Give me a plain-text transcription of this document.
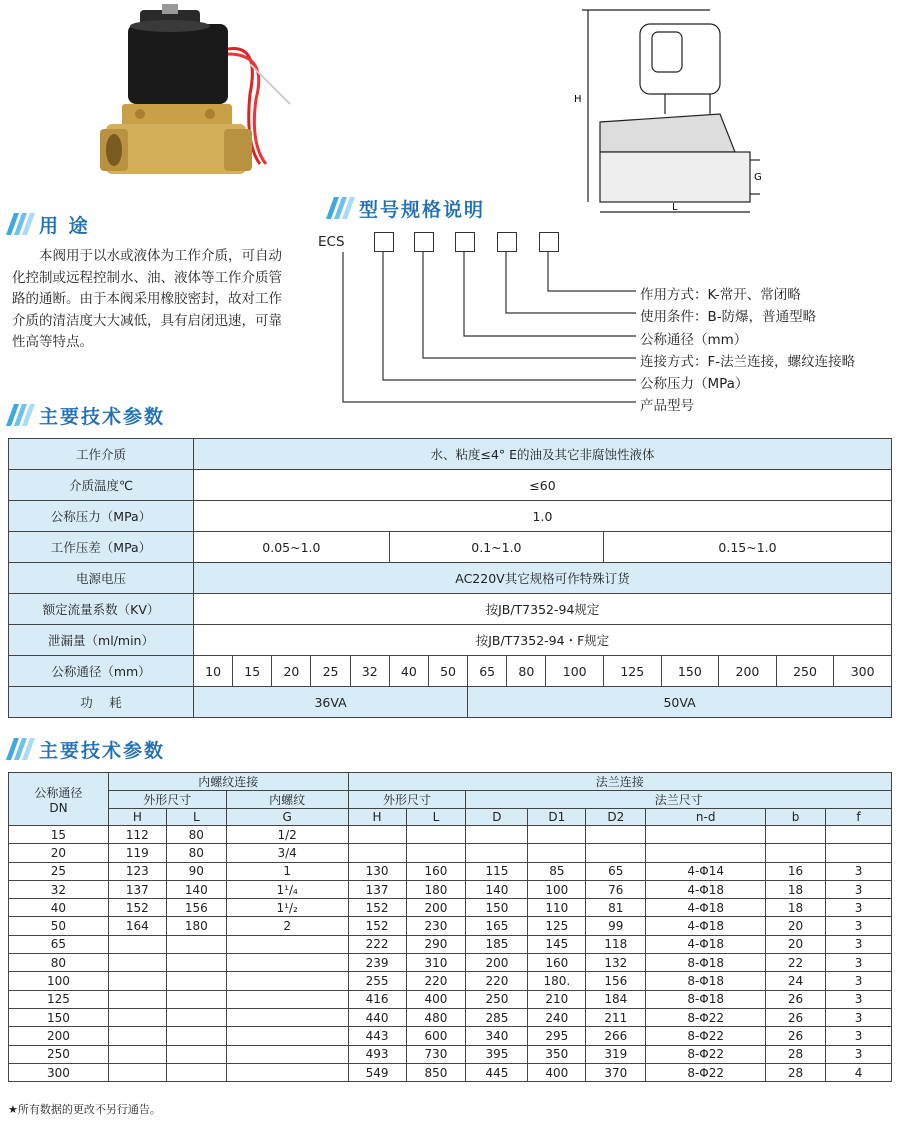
H
L
G
用 途

本阀用于以水或液体为工作介质，可自动化控制或远程控制水、油、液体等工作介质管路的通断。由于本阀采用橡胶密封，故对工作介质的清洁度大大减低，具有启闭迅速，可靠性高等特点。

型号规格说明
ECS
作用方式：K-常开、常闭略
使用条件：B-防爆，普通型略
公称通径（mm）
连接方式：F-法兰连接，螺纹连接略
公称压力（MPa）
产品型号
主要技术参数
工作介质	水、粘度≤4° E的油及其它非腐蚀性液体														
介质温度℃	≤60														
公称压力（MPa）	1.0														
工作压差（MPa）	0.05~1.0					0.1~1.0					0.15~1.0				
电源电压	AC220V其它规格可作特殊订货														
额定流量系数（KV）	按JB/T7352-94规定														
泄漏量（ml/min）	按JB/T7352-94・F规定														
公称通径（mm）	10	15	20	25	32	40	50	65	80	100	125	150	200	250	300
功　 耗	36VA							50VA							
主要技术参数
公称通径
DN	内螺纹连接			法兰连接							
	外形尺寸		内螺纹	外形尺寸		法兰尺寸					
	H	L	G	H	L	D	D1	D2	n-d	b	f
15	112	80	1/2								
20	119	80	3/4								
25	123	90	1	130	160	115	85	65	4-Φ14	16	3
32	137	140	1¹/₄	137	180	140	100	76	4-Φ18	18	3
40	152	156	1¹/₂	152	200	150	110	81	4-Φ18	18	3
50	164	180	2	152	230	165	125	99	4-Φ18	20	3
65				222	290	185	145	118	4-Φ18	20	3
80				239	310	200	160	132	8-Φ18	22	3
100				255	220	220	180.	156	8-Φ18	24	3
125				416	400	250	210	184	8-Φ18	26	3
150				440	480	285	240	211	8-Φ22	26	3
200				443	600	340	295	266	8-Φ22	26	3
250				493	730	395	350	319	8-Φ22	28	3
300				549	850	445	400	370	8-Φ22	28	4
★所有数据的更改不另行通告。
